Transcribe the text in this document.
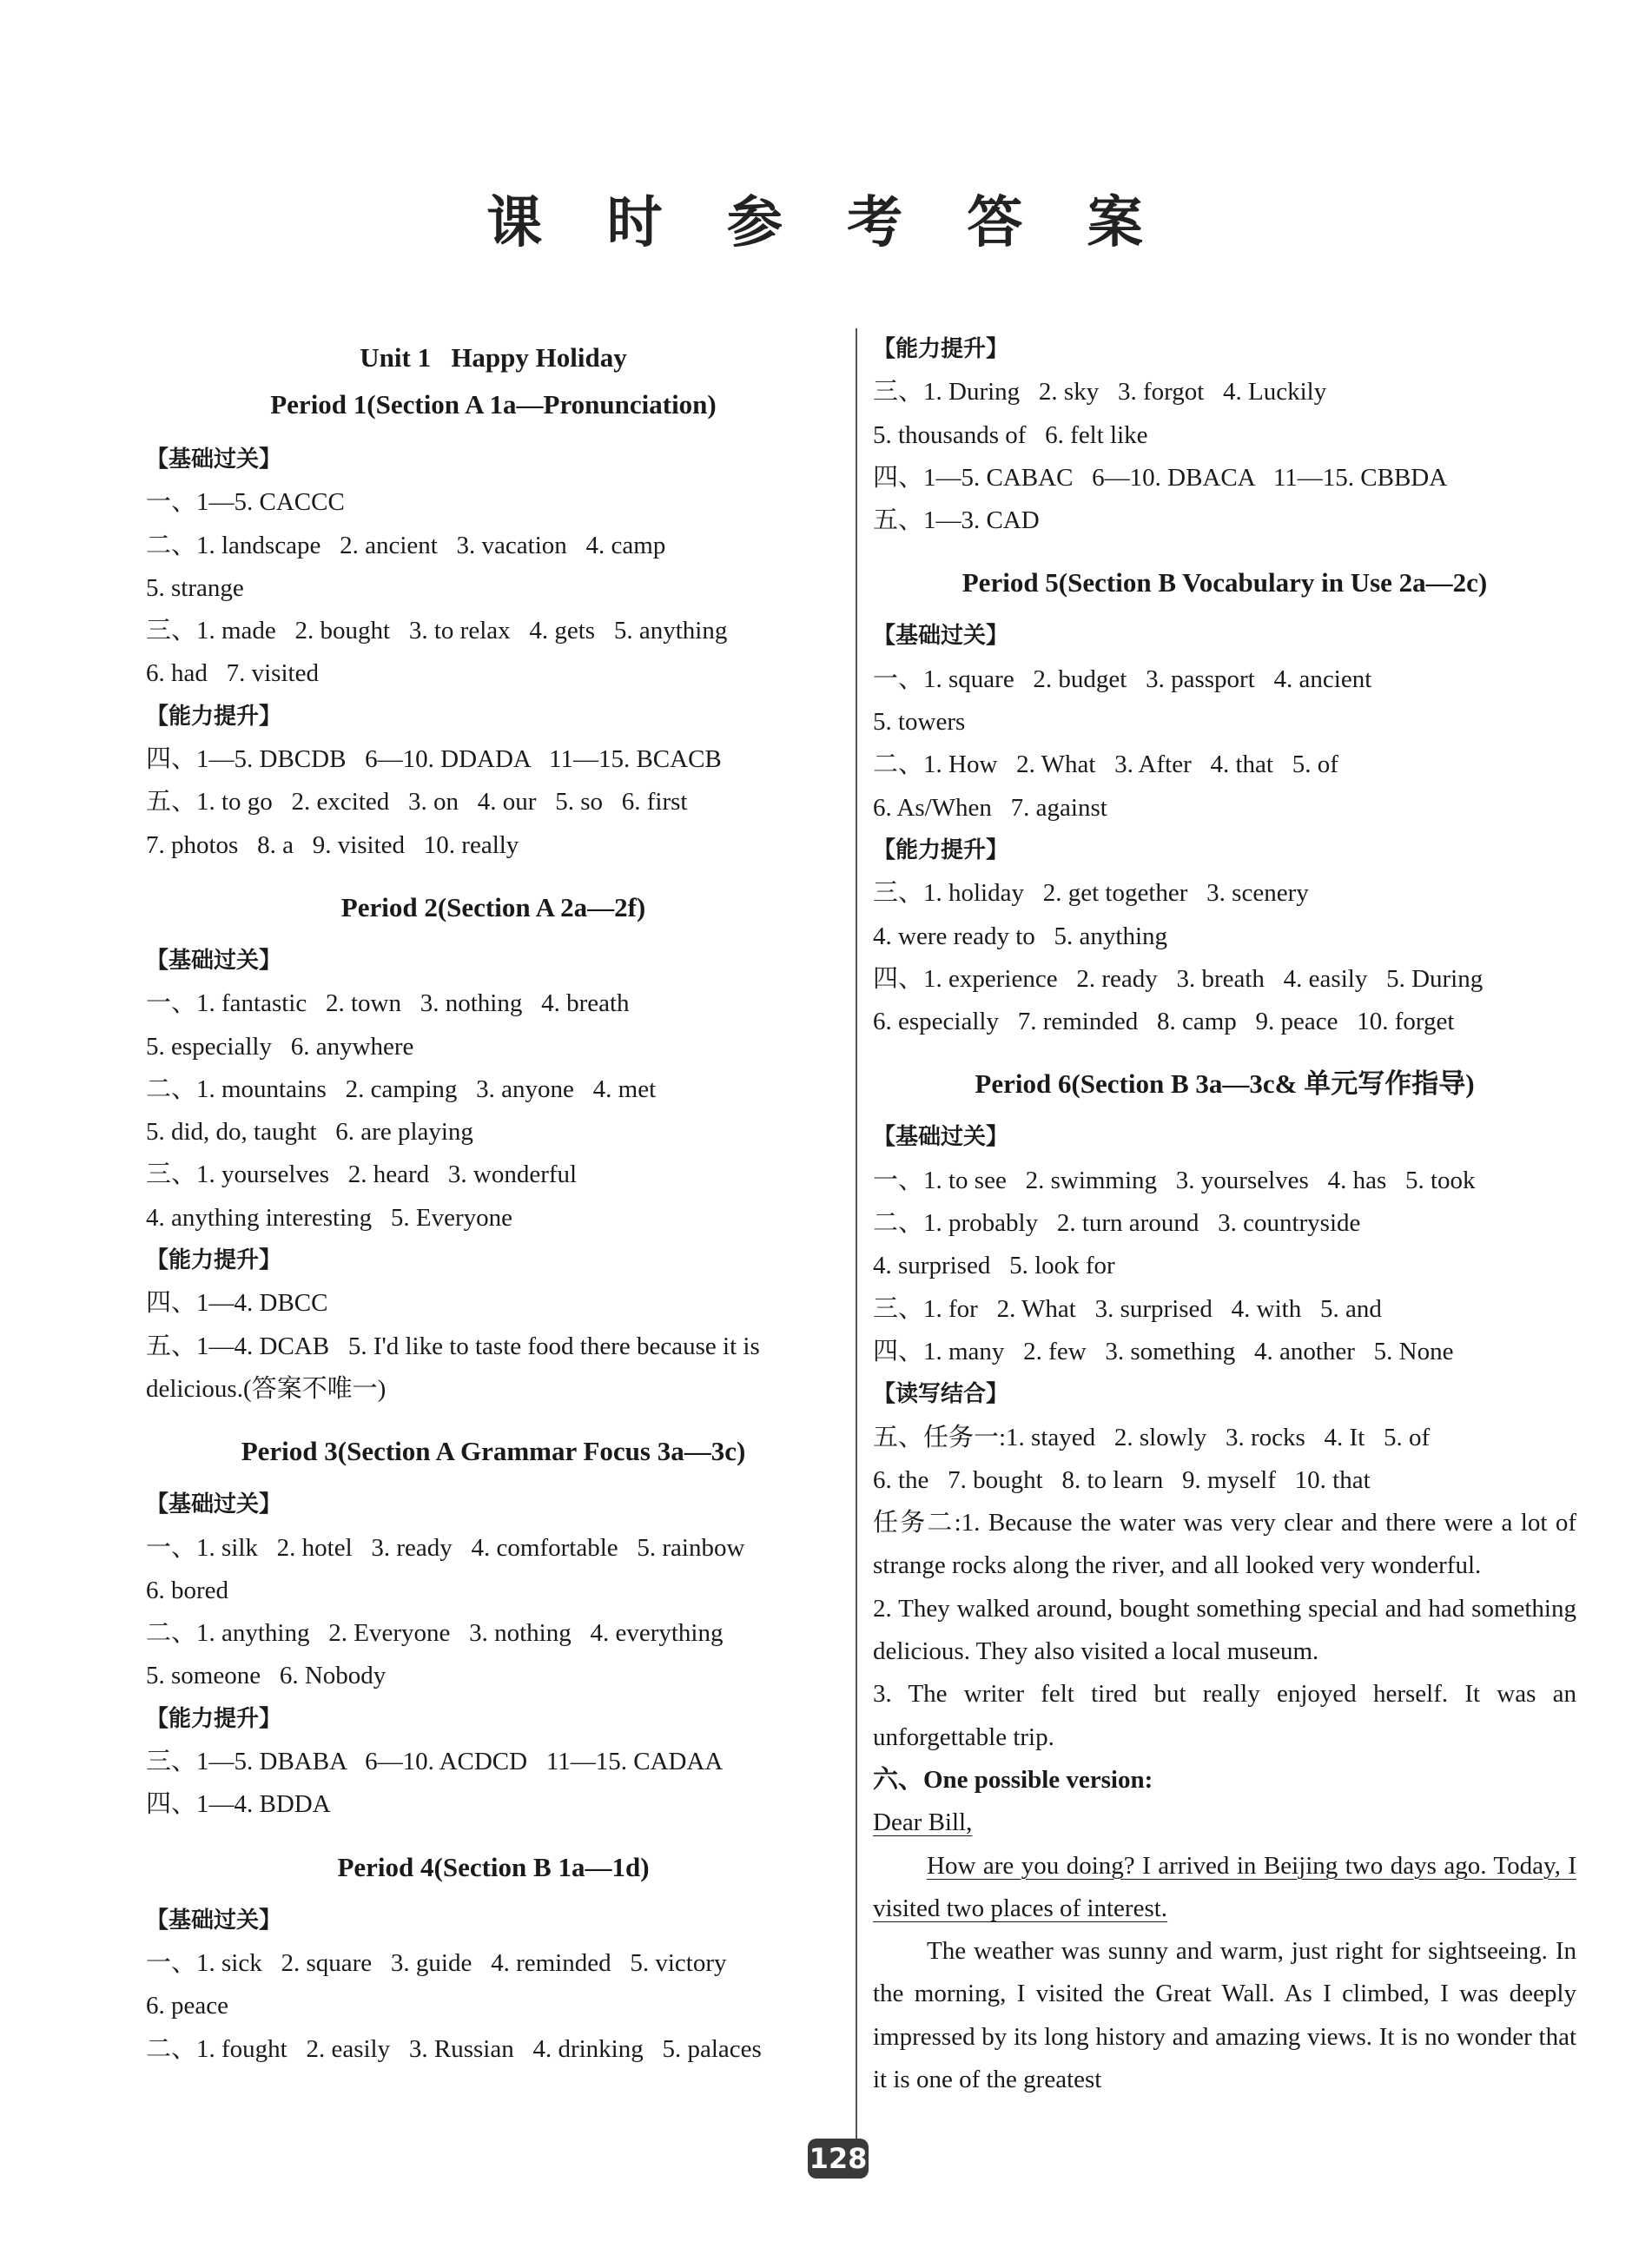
课 时 参 考 答 案
Unit 1   Happy Holiday
Period 1(Section A 1a—Pronunciation)
【基础过关】
一、1—5. CACCC
二、1. landscape   2. ancient   3. vacation   4. camp
5. strange
三、1. made   2. bought   3. to relax   4. gets   5. anything
6. had   7. visited
【能力提升】
四、1—5. DBCDB   6—10. DDADA   11—15. BCACB
五、1. to go   2. excited   3. on   4. our   5. so   6. first
7. photos   8. a   9. visited   10. really
Period 2(Section A 2a—2f)
【基础过关】
一、1. fantastic   2. town   3. nothing   4. breath
5. especially   6. anywhere
二、1. mountains   2. camping   3. anyone   4. met
5. did, do, taught   6. are playing
三、1. yourselves   2. heard   3. wonderful
4. anything interesting   5. Everyone
【能力提升】
四、1—4. DBCC
五、1—4. DCAB   5. I'd like to taste food there because it is
delicious.(答案不唯一)
Period 3(Section A Grammar Focus 3a—3c)
【基础过关】
一、1. silk   2. hotel   3. ready   4. comfortable   5. rainbow
6. bored
二、1. anything   2. Everyone   3. nothing   4. everything
5. someone   6. Nobody
【能力提升】
三、1—5. DBABA   6—10. ACDCD   11—15. CADAA
四、1—4. BDDA
Period 4(Section B 1a—1d)
【基础过关】
一、1. sick   2. square   3. guide   4. reminded   5. victory
6. peace
二、1. fought   2. easily   3. Russian   4. drinking   5. palaces
【能力提升】
三、1. During   2. sky   3. forgot   4. Luckily
5. thousands of   6. felt like
四、1—5. CABAC   6—10. DBACA   11—15. CBBDA
五、1—3. CAD
Period 5(Section B Vocabulary in Use 2a—2c)
【基础过关】
一、1. square   2. budget   3. passport   4. ancient
5. towers
二、1. How   2. What   3. After   4. that   5. of
6. As/When   7. against
【能力提升】
三、1. holiday   2. get together   3. scenery
4. were ready to   5. anything
四、1. experience   2. ready   3. breath   4. easily   5. During
6. especially   7. reminded   8. camp   9. peace   10. forget
Period 6(Section B 3a—3c& 单元写作指导)
【基础过关】
一、1. to see   2. swimming   3. yourselves   4. has   5. took
二、1. probably   2. turn around   3. countryside
4. surprised   5. look for
三、1. for   2. What   3. surprised   4. with   5. and
四、1. many   2. few   3. something   4. another   5. None
【读写结合】
五、任务一:1. stayed   2. slowly   3. rocks   4. It   5. of
6. the   7. bought   8. to learn   9. myself   10. that
任务二:1. Because the water was very clear and there were a lot of strange rocks along the river, and all looked very wonderful.
2. They walked around, bought something special and had something delicious. They also visited a local museum.
3. The writer felt tired but really enjoyed herself. It was an unforgettable trip.
六、One possible version:
Dear Bill,
How are you doing? I arrived in Beijing two days ago. Today, I visited two places of interest.
The weather was sunny and warm, just right for sightseeing. In the morning, I visited the Great Wall. As I climbed, I was deeply impressed by its long history and amazing views. It is no wonder that it is one of the greatest
128
